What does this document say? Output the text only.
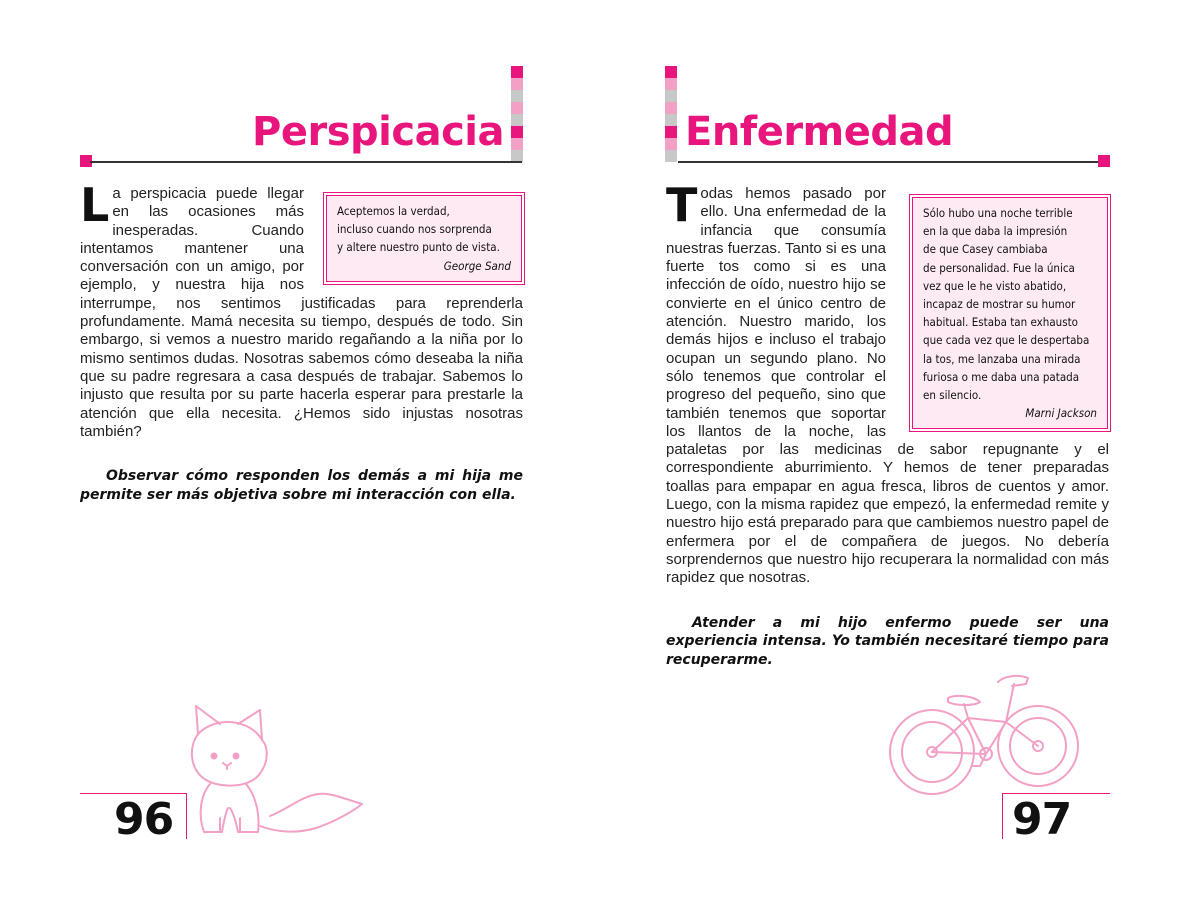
Perspicacia
Aceptemos la verdad,
incluso cuando nos sorprenda
y altere nuestro punto de vista.
George Sand

La perspicacia puede llegar en las ocasiones más inesperadas. Cuando intentamos mantener una conversación con un amigo, por ejemplo, y nuestra hija nos interrumpe, nos sentimos justificadas para reprenderla profundamente. Mamá necesita su tiempo, después de todo. Sin embargo, si vemos a nuestro marido regañando a la niña por lo mismo sentimos dudas. Nosotras sabemos cómo deseaba la niña que su padre regresara a casa después de trabajar. Sabemos lo injusto que resulta por su parte hacerla esperar para prestarle la atención que ella necesita. ¿Hemos sido injustas nosotras también?

Observar cómo responden los demás a mi hija me permite ser más objetiva sobre mi interacción con ella.

96

Enfermedad
Sólo hubo una noche terrible
en la que daba la impresión
de que Casey cambiaba
de personalidad. Fue la única
vez que le he visto abatido,
incapaz de mostrar su humor
habitual. Estaba tan exhausto
que cada vez que le despertaba
la tos, me lanzaba una mirada
furiosa o me daba una patada
en silencio.
Marni Jackson

Todas hemos pasado por ello. Una enfermedad de la infancia que consumía nuestras fuerzas. Tanto si es una fuerte tos como si es una infección de oído, nuestro hijo se convierte en el único centro de atención. Nuestro marido, los demás hijos e incluso el trabajo ocupan un segundo plano. No sólo tenemos que controlar el progreso del pequeño, sino que también tenemos que soportar los llantos de la noche, las pataletas por las medicinas de sabor repugnante y el correspondiente aburrimiento. Y hemos de tener preparadas toallas para empapar en agua fresca, libros de cuentos y amor. Luego, con la misma rapidez que empezó, la enfermedad remite y nuestro hijo está preparado para que cambiemos nuestro papel de enfermera por el de compañera de juegos. No debería sorprendernos que nuestro hijo recuperara la normalidad con más rapidez que nosotras.

Atender a mi hijo enfermo puede ser una experiencia intensa. Yo también necesitaré tiempo para recuperarme.

97
